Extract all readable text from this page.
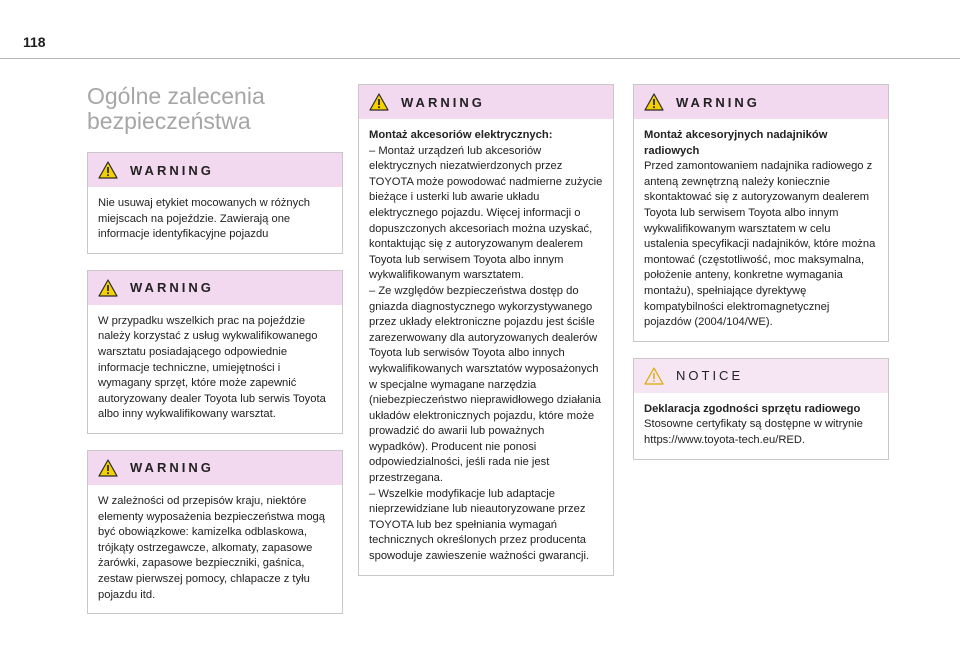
118
Ogólne zalecenia
bezpieczeństwa
WARNING

Nie usuwaj etykiet mocowanych w różnych miejscach na pojeździe. Zawierają one informacje identyfikacyjne pojazdu

WARNING

W przypadku wszelkich prac na pojeździe należy korzystać z usług wykwalifikowanego warsztatu posiadającego odpowiednie informacje techniczne, umiejętności i wymagany sprzęt, które może zapewnić autoryzowany dealer Toyota lub serwis Toyota albo inny wykwalifikowany warsztat.

WARNING

W zależności od przepisów kraju, niektóre elementy wyposażenia bezpieczeństwa mogą być obowiązkowe: kamizelka odblaskowa, trójkąty ostrzegawcze, alkomaty, zapasowe żarówki, zapasowe bezpieczniki, gaśnica, zestaw pierwszej pomocy, chlapacze z tyłu pojazdu itd.

WARNING

Montaż akcesoriów elektrycznych:

– Montaż urządzeń lub akcesoriów elektrycznych niezatwierdzonych przez TOYOTA może powodować nadmierne zużycie bieżące i usterki lub awarie układu elektrycznego pojazdu. Więcej informacji o dopuszczonych akcesoriach można uzyskać, kontaktując się z autoryzowanym dealerem Toyota lub serwisem Toyota albo innym wykwalifikowanym warsztatem.
– Ze względów bezpieczeństwa dostęp do gniazda diagnostycznego wykorzystywanego przez układy elektroniczne pojazdu jest ściśle zarezerwowany dla autoryzowanych dealerów Toyota lub serwisów Toyota albo innych wykwalifikowanych warsztatów wyposażonych w specjalne wymagane narzędzia (niebezpieczeństwo nieprawidłowego działania układów elektronicznych pojazdu, które może prowadzić do awarii lub poważnych wypadków). Producent nie ponosi odpowiedzialności, jeśli rada nie jest przestrzegana.
– Wszelkie modyfikacje lub adaptacje nieprzewidziane lub nieautoryzowane przez TOYOTA lub bez spełniania wymagań technicznych określonych przez producenta spowoduje zawieszenie ważności gwarancji.

WARNING

Montaż akcesoryjnych nadajników radiowych

Przed zamontowaniem nadajnika radiowego z anteną zewnętrzną należy koniecznie skontaktować się z autoryzowanym dealerem Toyota lub serwisem Toyota albo innym wykwalifikowanym warsztatem w celu ustalenia specyfikacji nadajników, które można montować (częstotliwość, moc maksymalna, położenie anteny, konkretne wymagania montażu), spełniające dyrektywę kompatybilności elektromagnetycznej pojazdów (2004/104/WE).

NOTICE

Deklaracja zgodności sprzętu radiowego

Stosowne certyfikaty są dostępne w witrynie https://www.toyota-tech.eu/RED.
